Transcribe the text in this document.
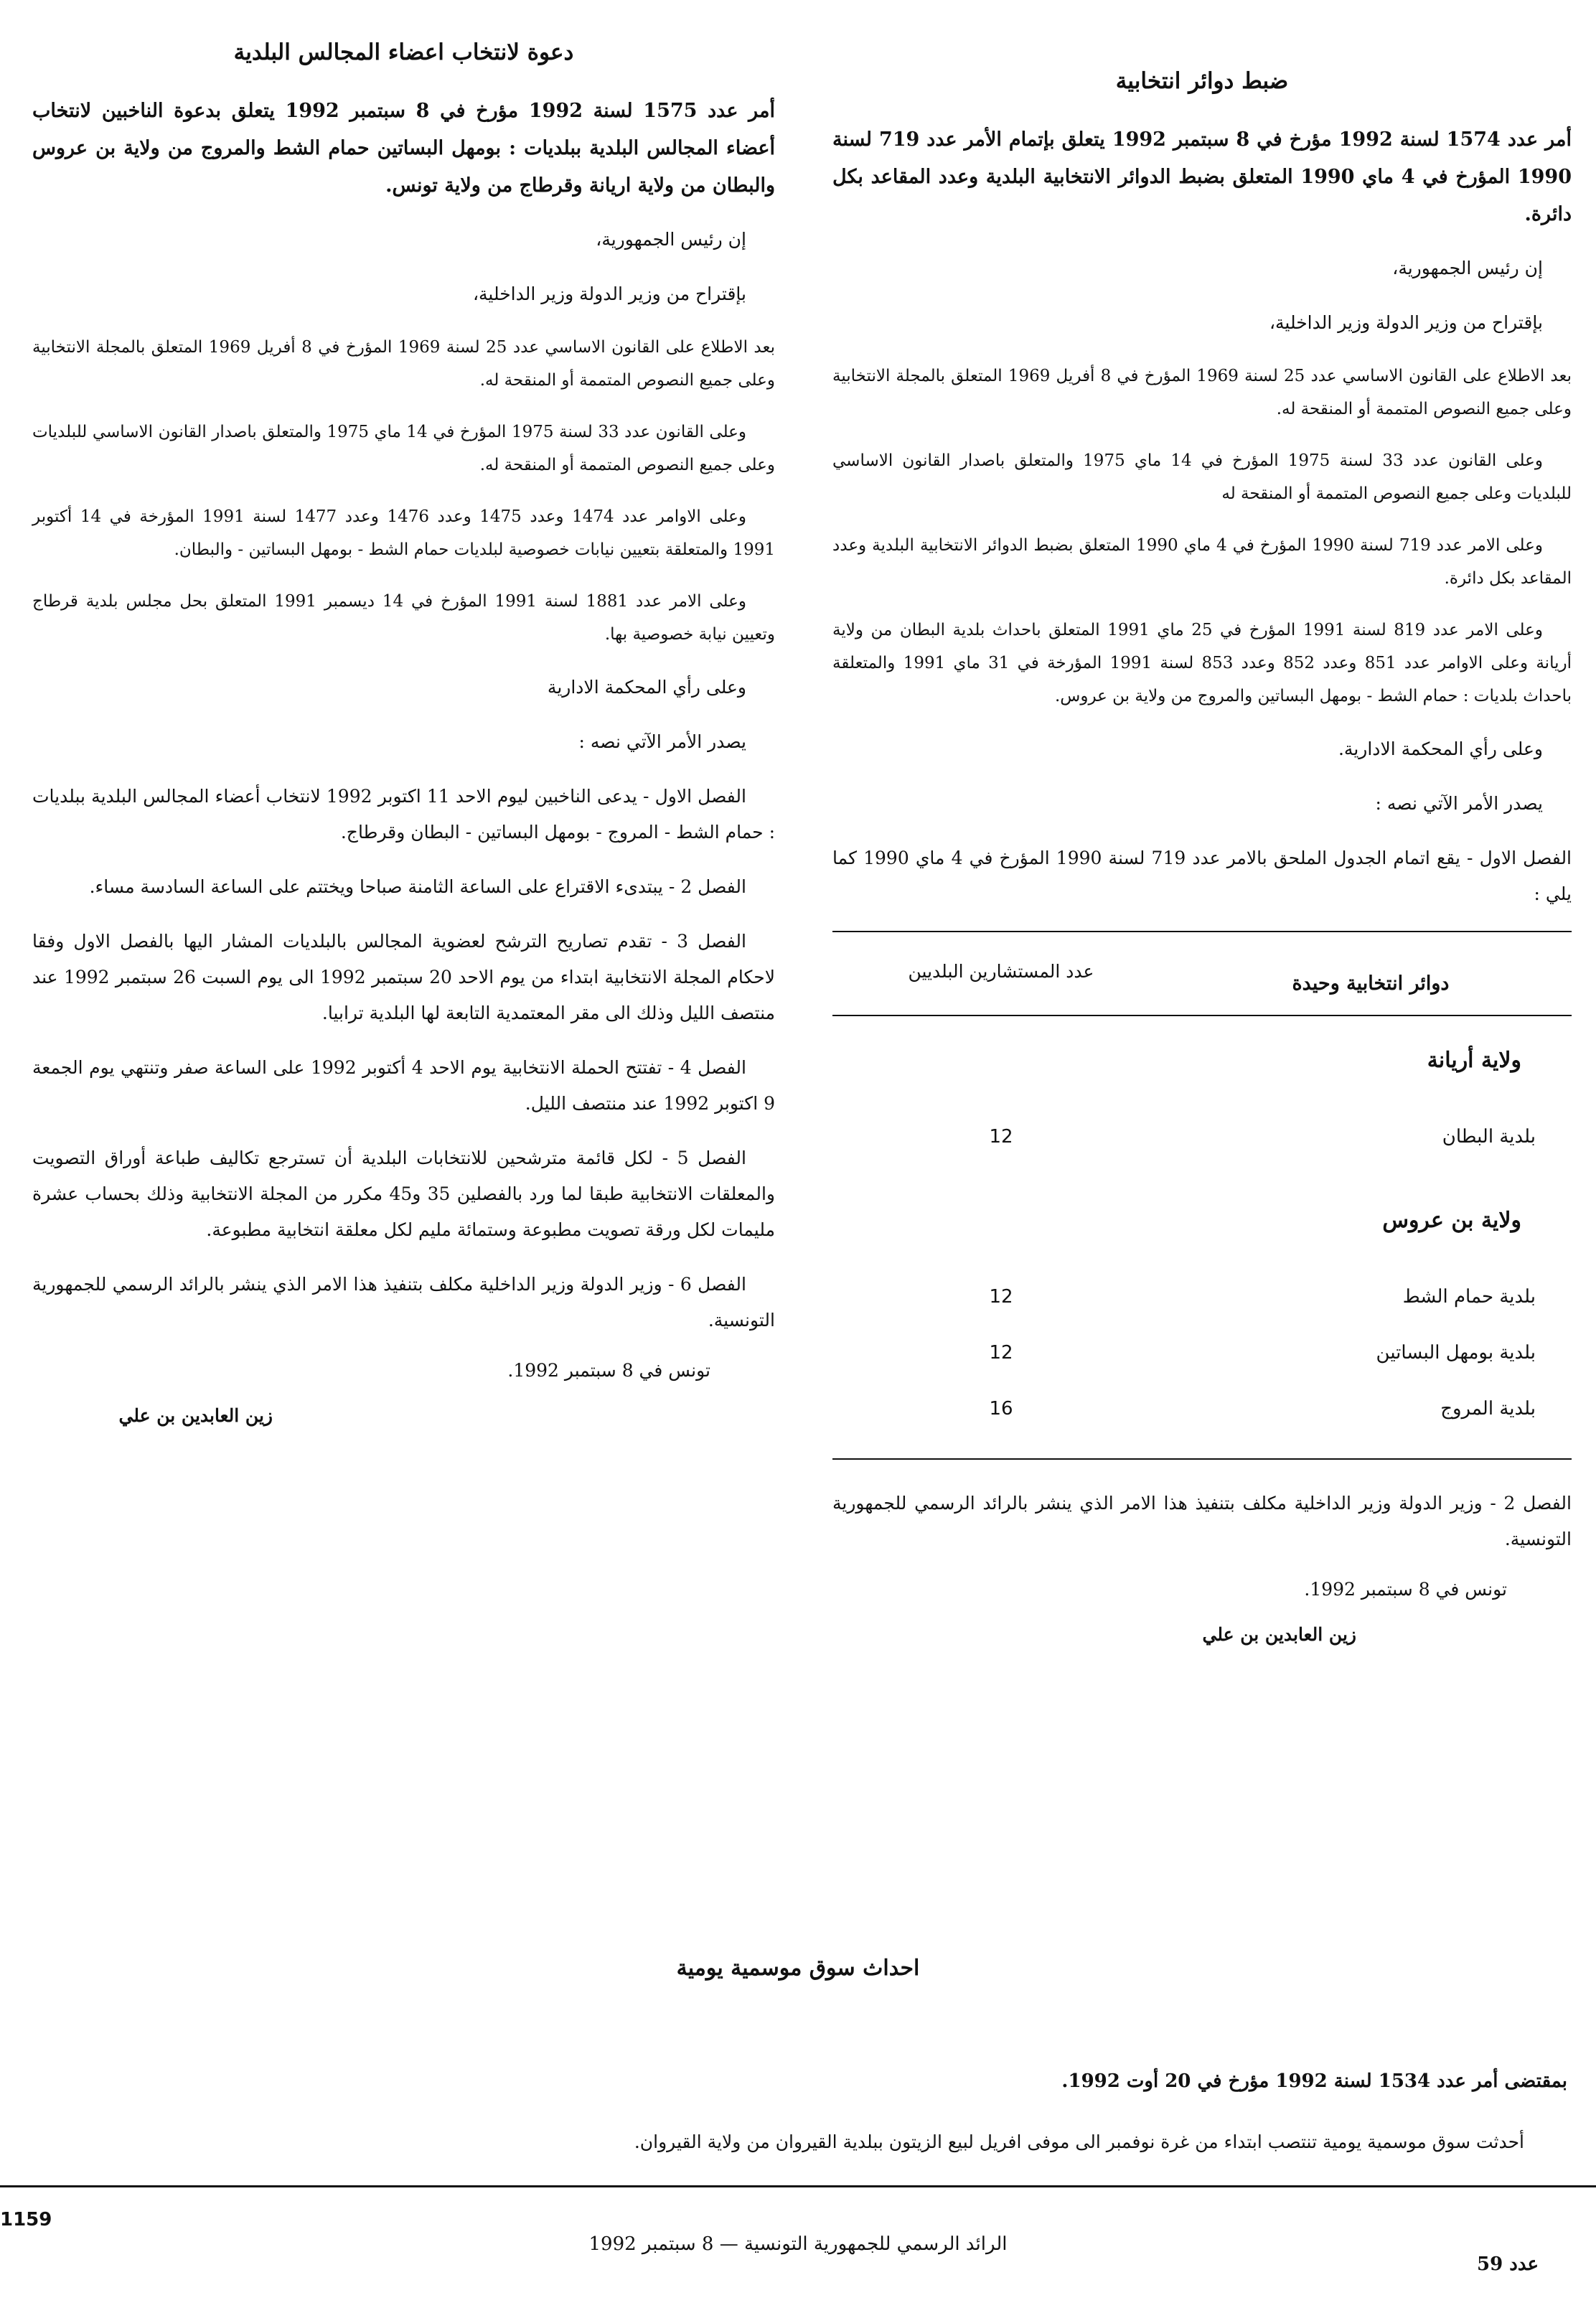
ضبط دوائر انتخابية
أمر عدد 1574 لسنة 1992 مؤرخ في 8 سبتمبر 1992 يتعلق بإتمام الأمر عدد 719 لسنة 1990 المؤرخ في 4 ماي 1990 المتعلق بضبط الدوائر الانتخابية البلدية وعدد المقاعد بكل دائرة.
إن رئيس الجمهورية،
بإقتراح من وزير الدولة وزير الداخلية،
بعد الاطلاع على القانون الاساسي عدد 25 لسنة 1969 المؤرخ في 8 أفريل 1969 المتعلق بالمجلة الانتخابية وعلى جميع النصوص المتممة أو المنقحة له.
وعلى القانون عدد 33 لسنة 1975 المؤرخ في 14 ماي 1975 والمتعلق باصدار القانون الاساسي للبلديات وعلى جميع النصوص المتممة أو المنقحة له
وعلى الامر عدد 719 لسنة 1990 المؤرخ في 4 ماي 1990 المتعلق بضبط الدوائر الانتخابية البلدية وعدد المقاعد بكل دائرة.
وعلى الامر عدد 819 لسنة 1991 المؤرخ في 25 ماي 1991 المتعلق باحداث بلدية البطان من ولاية أريانة وعلى الاوامر عدد 851 وعدد 852 وعدد 853 لسنة 1991 المؤرخة في 31 ماي 1991 والمتعلقة باحداث بلديات : حمام الشط - بومهل البساتين والمروج من ولاية بن عروس.
وعلى رأي المحكمة الادارية.
يصدر الأمر الآتي نصه :
الفصل الاول - يقع اتمام الجدول الملحق بالامر عدد 719 لسنة 1990 المؤرخ في 4 ماي 1990 كما يلي :
دوائر انتخابية وحيدة
عدد المستشارين البلديين
ولاية أريانة
بلدية البطان
12
ولاية بن عروس
بلدية حمام الشط
12
بلدية بومهل البساتين
12
بلدية المروج
16
الفصل 2 - وزير الدولة وزير الداخلية مكلف بتنفيذ هذا الامر الذي ينشر بالرائد الرسمي للجمهورية التونسية.
تونس في 8 سبتمبر 1992.
زين العابدين بن علي
دعوة لانتخاب اعضاء المجالس البلدية
أمر عدد 1575 لسنة 1992 مؤرخ في 8 سبتمبر 1992 يتعلق بدعوة الناخبين لانتخاب أعضاء المجالس البلدية ببلديات : بومهل البساتين حمام الشط والمروج من ولاية بن عروس والبطان من ولاية اريانة وقرطاج من ولاية تونس.
إن رئيس الجمهورية،
بإقتراح من وزير الدولة وزير الداخلية،
بعد الاطلاع على القانون الاساسي عدد 25 لسنة 1969 المؤرخ في 8 أفريل 1969 المتعلق بالمجلة الانتخابية وعلى جميع النصوص المتممة أو المنقحة له.
وعلى القانون عدد 33 لسنة 1975 المؤرخ في 14 ماي 1975 والمتعلق باصدار القانون الاساسي للبلديات وعلى جميع النصوص المتممة أو المنقحة له.
وعلى الاوامر عدد 1474 وعدد 1475 وعدد 1476 وعدد 1477 لسنة 1991 المؤرخة في 14 أكتوبر 1991 والمتعلقة بتعيين نيابات خصوصية لبلديات حمام الشط - بومهل البساتين - والبطان.
وعلى الامر عدد 1881 لسنة 1991 المؤرخ في 14 ديسمبر 1991 المتعلق بحل مجلس بلدية قرطاج وتعيين نيابة خصوصية بها.
وعلى رأي المحكمة الادارية
يصدر الأمر الآتي نصه :
الفصل الاول - يدعى الناخبين ليوم الاحد 11 اكتوبر 1992 لانتخاب أعضاء المجالس البلدية ببلديات : حمام الشط - المروج - بومهل البساتين - البطان وقرطاج.
الفصل 2 - يبتدىء الاقتراع على الساعة الثامنة صباحا ويختتم على الساعة السادسة مساء.
الفصل 3 - تقدم تصاريح الترشح لعضوية المجالس بالبلديات المشار اليها بالفصل الاول وفقا لاحكام المجلة الانتخابية ابتداء من يوم الاحد 20 سبتمبر 1992 الى يوم السبت 26 سبتمبر 1992 عند منتصف الليل وذلك الى مقر المعتمدية التابعة لها البلدية ترابيا.
الفصل 4 - تفتتح الحملة الانتخابية يوم الاحد 4 أكتوبر 1992 على الساعة صفر وتنتهي يوم الجمعة 9 اكتوبر 1992 عند منتصف الليل.
الفصل 5 - لكل قائمة مترشحين للانتخابات البلدية أن تسترجع تكاليف طباعة أوراق التصويت والمعلقات الانتخابية طبقا لما ورد بالفصلين 35 و45 مكرر من المجلة الانتخابية وذلك بحساب عشرة مليمات لكل ورقة تصويت مطبوعة وستمائة مليم لكل معلقة انتخابية مطبوعة.
الفصل 6 - وزير الدولة وزير الداخلية مكلف بتنفيذ هذا الامر الذي ينشر بالرائد الرسمي للجمهورية التونسية.
تونس في 8 سبتمبر 1992.
زين العابدين بن علي
احداث سوق موسمية يومية
بمقتضى أمر عدد 1534 لسنة 1992 مؤرخ في 20 أوت 1992.
أحدثت سوق موسمية يومية تنتصب ابتداء من غرة نوفمبر الى موفى افريل لبيع الزيتون ببلدية القيروان من ولاية القيروان.
1159
الرائد الرسمي للجمهورية التونسية — 8 سبتمبر 1992
عدد 59
